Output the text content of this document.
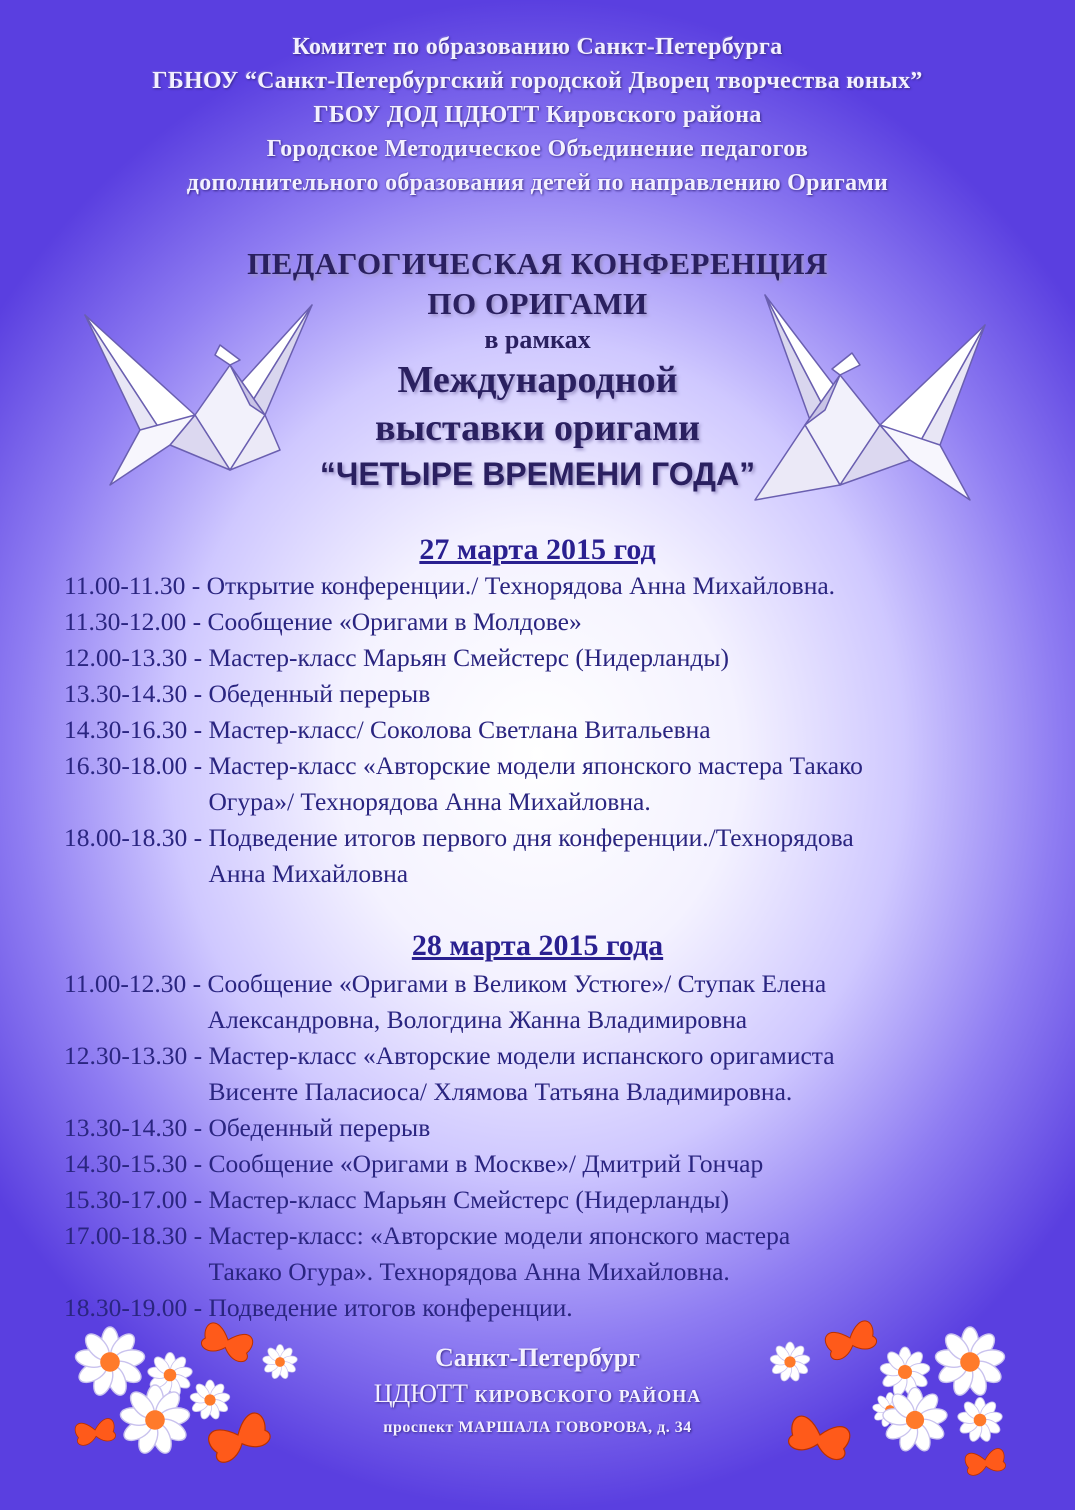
Комитет по образованию Санкт-Петербурга
ГБНОУ “Санкт-Петербургский городской Дворец творчества юных”
ГБОУ ДОД ЦДЮТТ Кировского района
Городское Методическое Объединение педагогов
дополнительного образования детей по направлению Оригами
ПЕДАГОГИЧЕСКАЯ КОНФЕРЕНЦИЯ
ПО ОРИГАМИ
в рамках
Международной
выставки оригами
“ЧЕТЫРЕ ВРЕМЕНИ ГОДА”
27 марта 2015 год
11.00-11.30 - Открытие конференции./ Технорядова Анна Михайловна.
11.30-12.00 - Сообщение «Оригами в Молдове»
12.00-13.30 - Мастер-класс Марьян Смейстерс (Нидерланды)
13.30-14.30 - Обеденный перерыв
14.30-16.30 - Мастер-класс/ Соколова Светлана Витальевна
16.30-18.00 - Мастер-класс «Авторские модели японского мастера Такако
Огура»/ Технорядова Анна Михайловна.
18.00-18.30 - Подведение итогов первого дня конференции./Технорядова
Анна Михайловна
28 марта 2015 года
11.00-12.30 - Сообщение «Оригами в Великом Устюге»/ Ступак Елена
Александровна, Вологдина Жанна Владимировна
12.30-13.30 - Мастер-класс «Авторские модели испанского оригамиста
Висенте Паласиоса/ Хлямова Татьяна Владимировна.
13.30-14.30 - Обеденный перерыв
14.30-15.30 - Сообщение «Оригами в Москве»/ Дмитрий Гончар
15.30-17.00 - Мастер-класс Марьян Смейстерс (Нидерланды)
17.00-18.30 - Мастер-класс: «Авторские модели японского мастера
Такако Огура». Технорядова Анна Михайловна.
18.30-19.00 - Подведение итогов конференции.
Санкт-Петербург
ЦДЮТТ КИРОВСКОГО РАЙОНА
проспект МАРШАЛА ГОВОРОВА, д. 34
